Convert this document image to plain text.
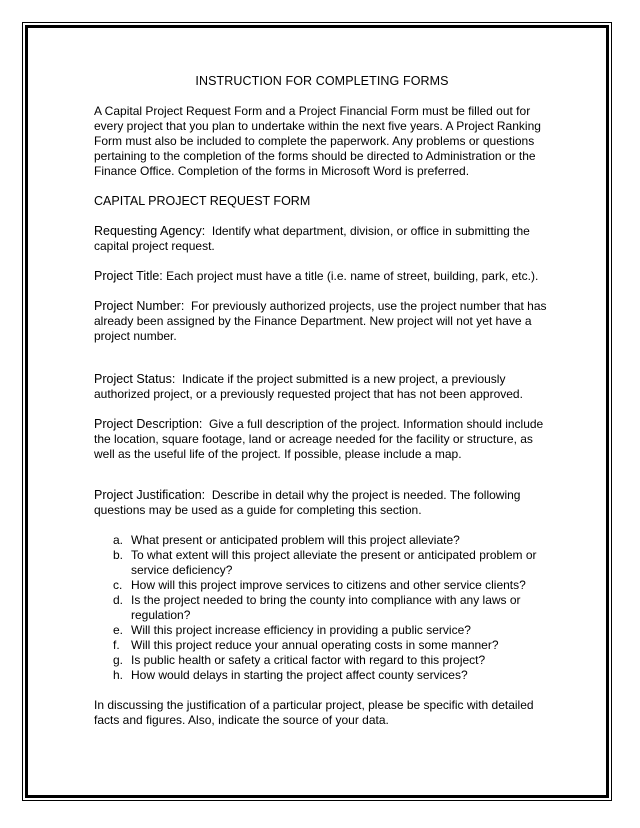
INSTRUCTION FOR COMPLETING FORMS

A Capital Project Request Form and a Project Financial Form must be filled out for every project that you plan to undertake within the next five years. A Project Ranking Form must also be included to complete the paperwork. Any problems or questions pertaining to the completion of the forms should be directed to Administration or the Finance Office. Completion of the forms in Microsoft Word is preferred.

CAPITAL PROJECT REQUEST FORM

Requesting Agency: Identify what department, division, or office in submitting the capital project request.

Project Title: Each project must have a title (i.e. name of street, building, park, etc.).

Project Number: For previously authorized projects, use the project number that has already been assigned by the Finance Department. New project will not yet have a project number.

Project Status: Indicate if the project submitted is a new project, a previously authorized project, or a previously requested project that has not been approved.

Project Description: Give a full description of the project. Information should include the location, square footage, land or acreage needed for the facility or structure, as well as the useful life of the project. If possible, please include a map.

Project Justification: Describe in detail why the project is needed. The following questions may be used as a guide for completing this section.

a. What present or anticipated problem will this project alleviate?
b. To what extent will this project alleviate the present or anticipated problem or service deficiency?
c. How will this project improve services to citizens and other service clients?
d. Is the project needed to bring the county into compliance with any laws or regulation?
e. Will this project increase efficiency in providing a public service?
f. Will this project reduce your annual operating costs in some manner?
g. Is public health or safety a critical factor with regard to this project?
h. How would delays in starting the project affect county services?

In discussing the justification of a particular project, please be specific with detailed facts and figures. Also, indicate the source of your data.
